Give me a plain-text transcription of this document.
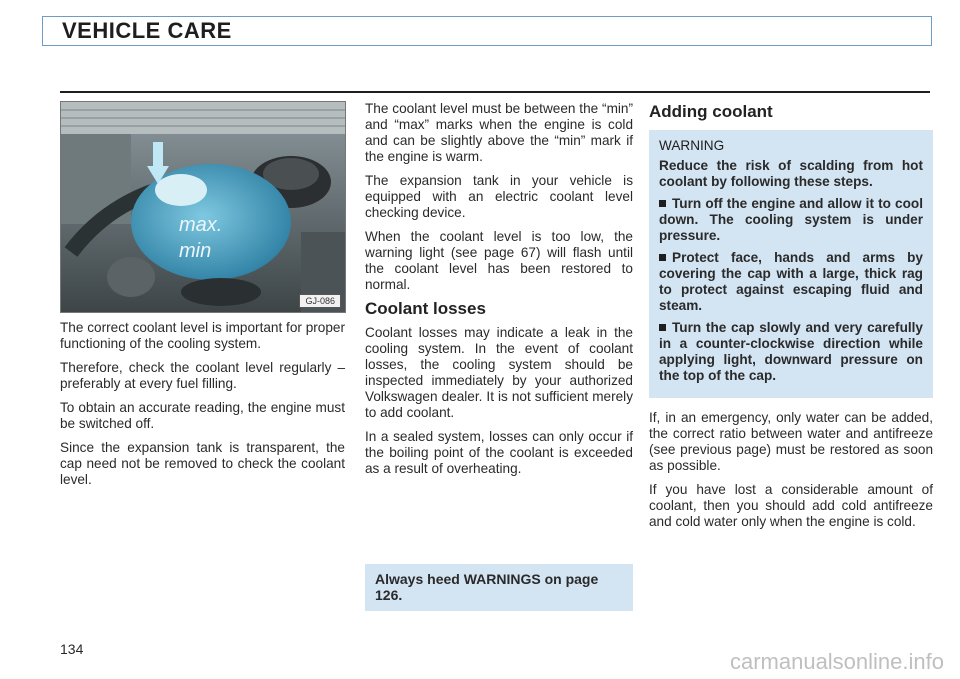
VEHICLE CARE
max.
min
GJ-086

The correct coolant level is important for proper functioning of the cooling system.

Therefore, check the coolant level regularly – preferably at every fuel filling.

To obtain an accurate reading, the engine must be switched off.

Since the expansion tank is transparent, the cap need not be removed to check the coolant level.

The coolant level must be between the “min” and “max” marks when the engine is cold and can be slightly above the “min” mark if the engine is warm.

The expansion tank in your vehicle is equipped with an electric coolant level checking device.

When the coolant level is too low, the warning light (see page 67) will flash until the coolant level has been restored to normal.

Coolant losses

Coolant losses may indicate a leak in the cooling system. In the event of coolant losses, the cooling system should be inspected immediately by your authorized Volkswagen dealer. It is not sufficient merely to add coolant.

In a sealed system, losses can only occur if the boiling point of the coolant is exceeded as a result of overheating.

Always heed WARNINGS on page 126.
Adding coolant
WARNING

Reduce the risk of scalding from hot coolant by following these steps.

Turn off the engine and allow it to cool down. The cooling system is under pressure.

Protect face, hands and arms by covering the cap with a large, thick rag to protect against escaping fluid and steam.

Turn the cap slowly and very carefully in a counter-clockwise direction while applying light, downward pressure on the top of the cap.

If, in an emergency, only water can be added, the correct ratio between water and antifreeze (see previous page) must be restored as soon as possible.

If you have lost a considerable amount of coolant, then you should add cold antifreeze and cold water only when the engine is cold.

134	carmanualsonline.info
